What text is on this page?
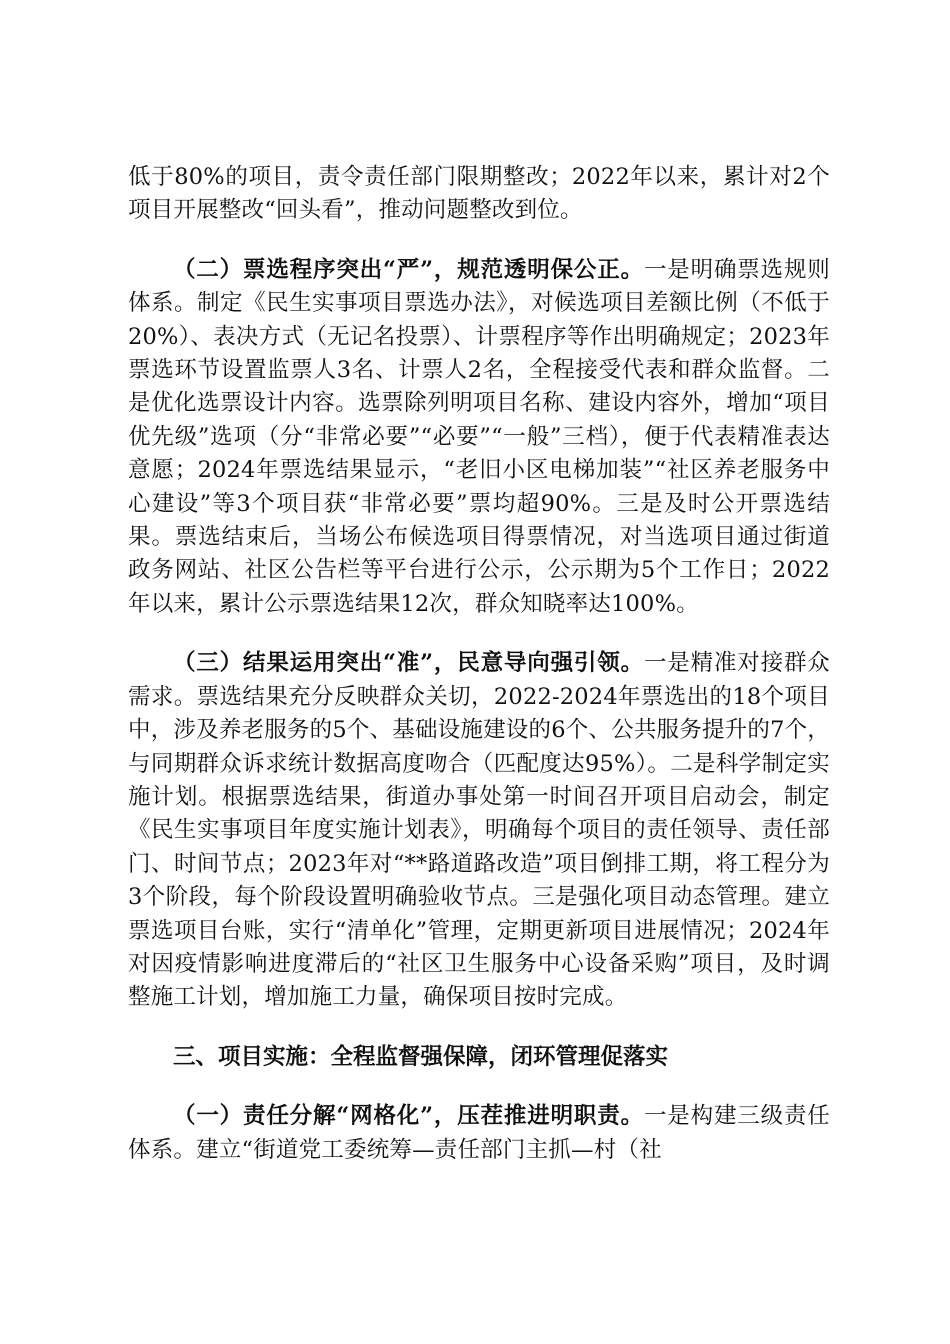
低于80%的项目，责令责任部门限期整改；2022年以来，累计对2个项目开展整改“回头看”，推动问题整改到位。

（二）票选程序突出“严”，规范透明保公正。一是明确票选规则体系。制定《民生实事项目票选办法》，对候选项目差额比例（不低于20%）、表决方式（无记名投票）、计票程序等作出明确规定；2023年票选环节设置监票人3名、计票人2名，全程接受代表和群众监督。二是优化选票设计内容。选票除列明项目名称、建设内容外，增加“项目优先级”选项（分“非常必要”“必要”“一般”三档），便于代表精准表达意愿；2024年票选结果显示，“老旧小区电梯加装”“社区养老服务中心建设”等3个项目获“非常必要”票均超90%。三是及时公开票选结果。票选结束后，当场公布候选项目得票情况，对当选项目通过街道政务网站、社区公告栏等平台进行公示，公示期为5个工作日；2022年以来，累计公示票选结果12次，群众知晓率达100%。

（三）结果运用突出“准”，民意导向强引领。一是精准对接群众需求。票选结果充分反映群众关切，2022-2024年票选出的18个项目中，涉及养老服务的5个、基础设施建设的6个、公共服务提升的7个，与同期群众诉求统计数据高度吻合（匹配度达95%）。二是科学制定实施计划。根据票选结果，街道办事处第一时间召开项目启动会，制定《民生实事项目年度实施计划表》，明确每个项目的责任领导、责任部门、时间节点；2023年对“**路道路改造”项目倒排工期，将工程分为3个阶段，每个阶段设置明确验收节点。三是强化项目动态管理。建立票选项目台账，实行“清单化”管理，定期更新项目进展情况；2024年对因疫情影响进度滞后的“社区卫生服务中心设备采购”项目，及时调整施工计划，增加施工力量，确保项目按时完成。

三、项目实施：全程监督强保障，闭环管理促落实

（一）责任分解“网格化”，压茬推进明职责。一是构建三级责任体系。建立“街道党工委统筹—责任部门主抓—村（社
